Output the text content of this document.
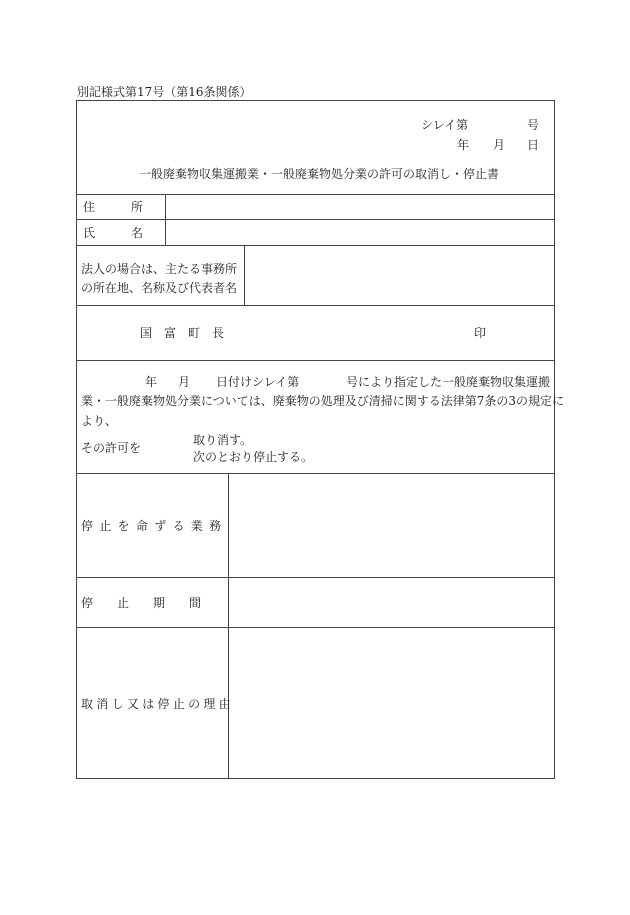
別記様式第17号（第16条関係）
シレイ第	号
年 月 日
一般廃棄物収集運搬業・一般廃棄物処分業の許可の取消し・停止書
住　　　所
氏　　　名
法人の場合は、主たる事務所
の所在地、名称及び代表者名
国　富　町　長	印
年 月 日付けシレイ第	号により指定した一般廃棄物収集運搬
業・一般廃棄物処分業については、廃棄物の処理及び清掃に関する法律第7条の3の規定に
より、
その許可を
取り消す。
次のとおり停止する。
停止を命ずる業務
停　　止　　期　　間
取消し又は停止の理由
